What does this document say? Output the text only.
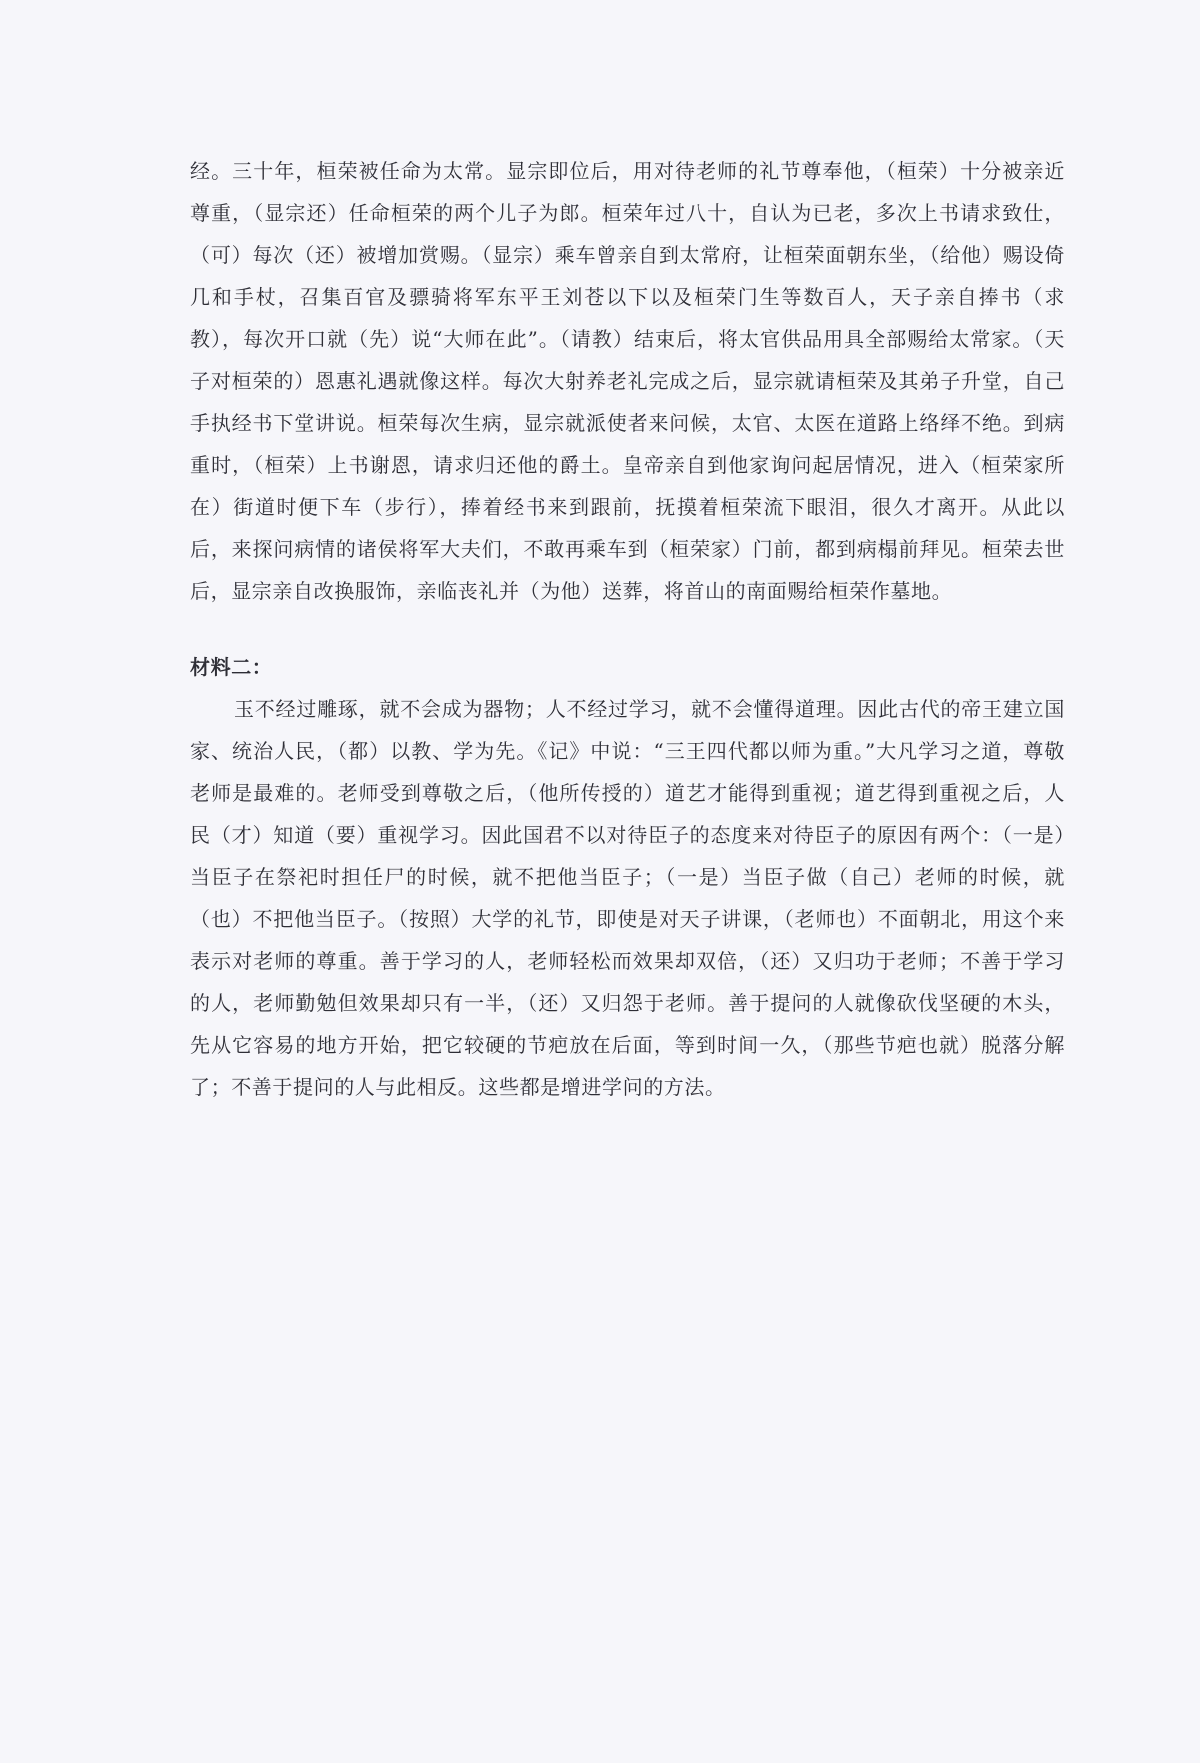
经。三十年，桓荣被任命为太常。显宗即位后，用对待老师的礼节尊奉他，（桓荣）十分被亲近尊重，（显宗还）任命桓荣的两个儿子为郎。桓荣年过八十，自认为已老，多次上书请求致仕，（可）每次（还）被增加赏赐。（显宗）乘车曾亲自到太常府，让桓荣面朝东坐，（给他）赐设倚几和手杖，召集百官及骠骑将军东平王刘苍以下以及桓荣门生等数百人，天子亲自捧书（求教），每次开口就（先）说“大师在此”。（请教）结束后，将太官供品用具全部赐给太常家。（天子对桓荣的）恩惠礼遇就像这样。每次大射养老礼完成之后，显宗就请桓荣及其弟子升堂，自己手执经书下堂讲说。桓荣每次生病，显宗就派使者来问候，太官、太医在道路上络绎不绝。到病重时，（桓荣）上书谢恩，请求归还他的爵土。皇帝亲自到他家询问起居情况，进入（桓荣家所在）街道时便下车（步行），捧着经书来到跟前，抚摸着桓荣流下眼泪，很久才离开。从此以后，来探问病情的诸侯将军大夫们，不敢再乘车到（桓荣家）门前，都到病榻前拜见。桓荣去世后，显宗亲自改换服饰，亲临丧礼并（为他）送葬，将首山的南面赐给桓荣作墓地。

材料二：

玉不经过雕琢，就不会成为器物；人不经过学习，就不会懂得道理。因此古代的帝王建立国家、统治人民，（都）以教、学为先。《记》中说：“三王四代都以师为重。”大凡学习之道，尊敬老师是最难的。老师受到尊敬之后，（他所传授的）道艺才能得到重视；道艺得到重视之后，人民（才）知道（要）重视学习。因此国君不以对待臣子的态度来对待臣子的原因有两个：（一是）当臣子在祭祀时担任尸的时候，就不把他当臣子；（一是）当臣子做（自己）老师的时候，就（也）不把他当臣子。（按照）大学的礼节，即使是对天子讲课，（老师也）不面朝北，用这个来表示对老师的尊重。善于学习的人，老师轻松而效果却双倍，（还）又归功于老师；不善于学习的人，老师勤勉但效果却只有一半，（还）又归怨于老师。善于提问的人就像砍伐坚硬的木头，先从它容易的地方开始，把它较硬的节疤放在后面，等到时间一久，（那些节疤也就）脱落分解了；不善于提问的人与此相反。这些都是增进学问的方法。
